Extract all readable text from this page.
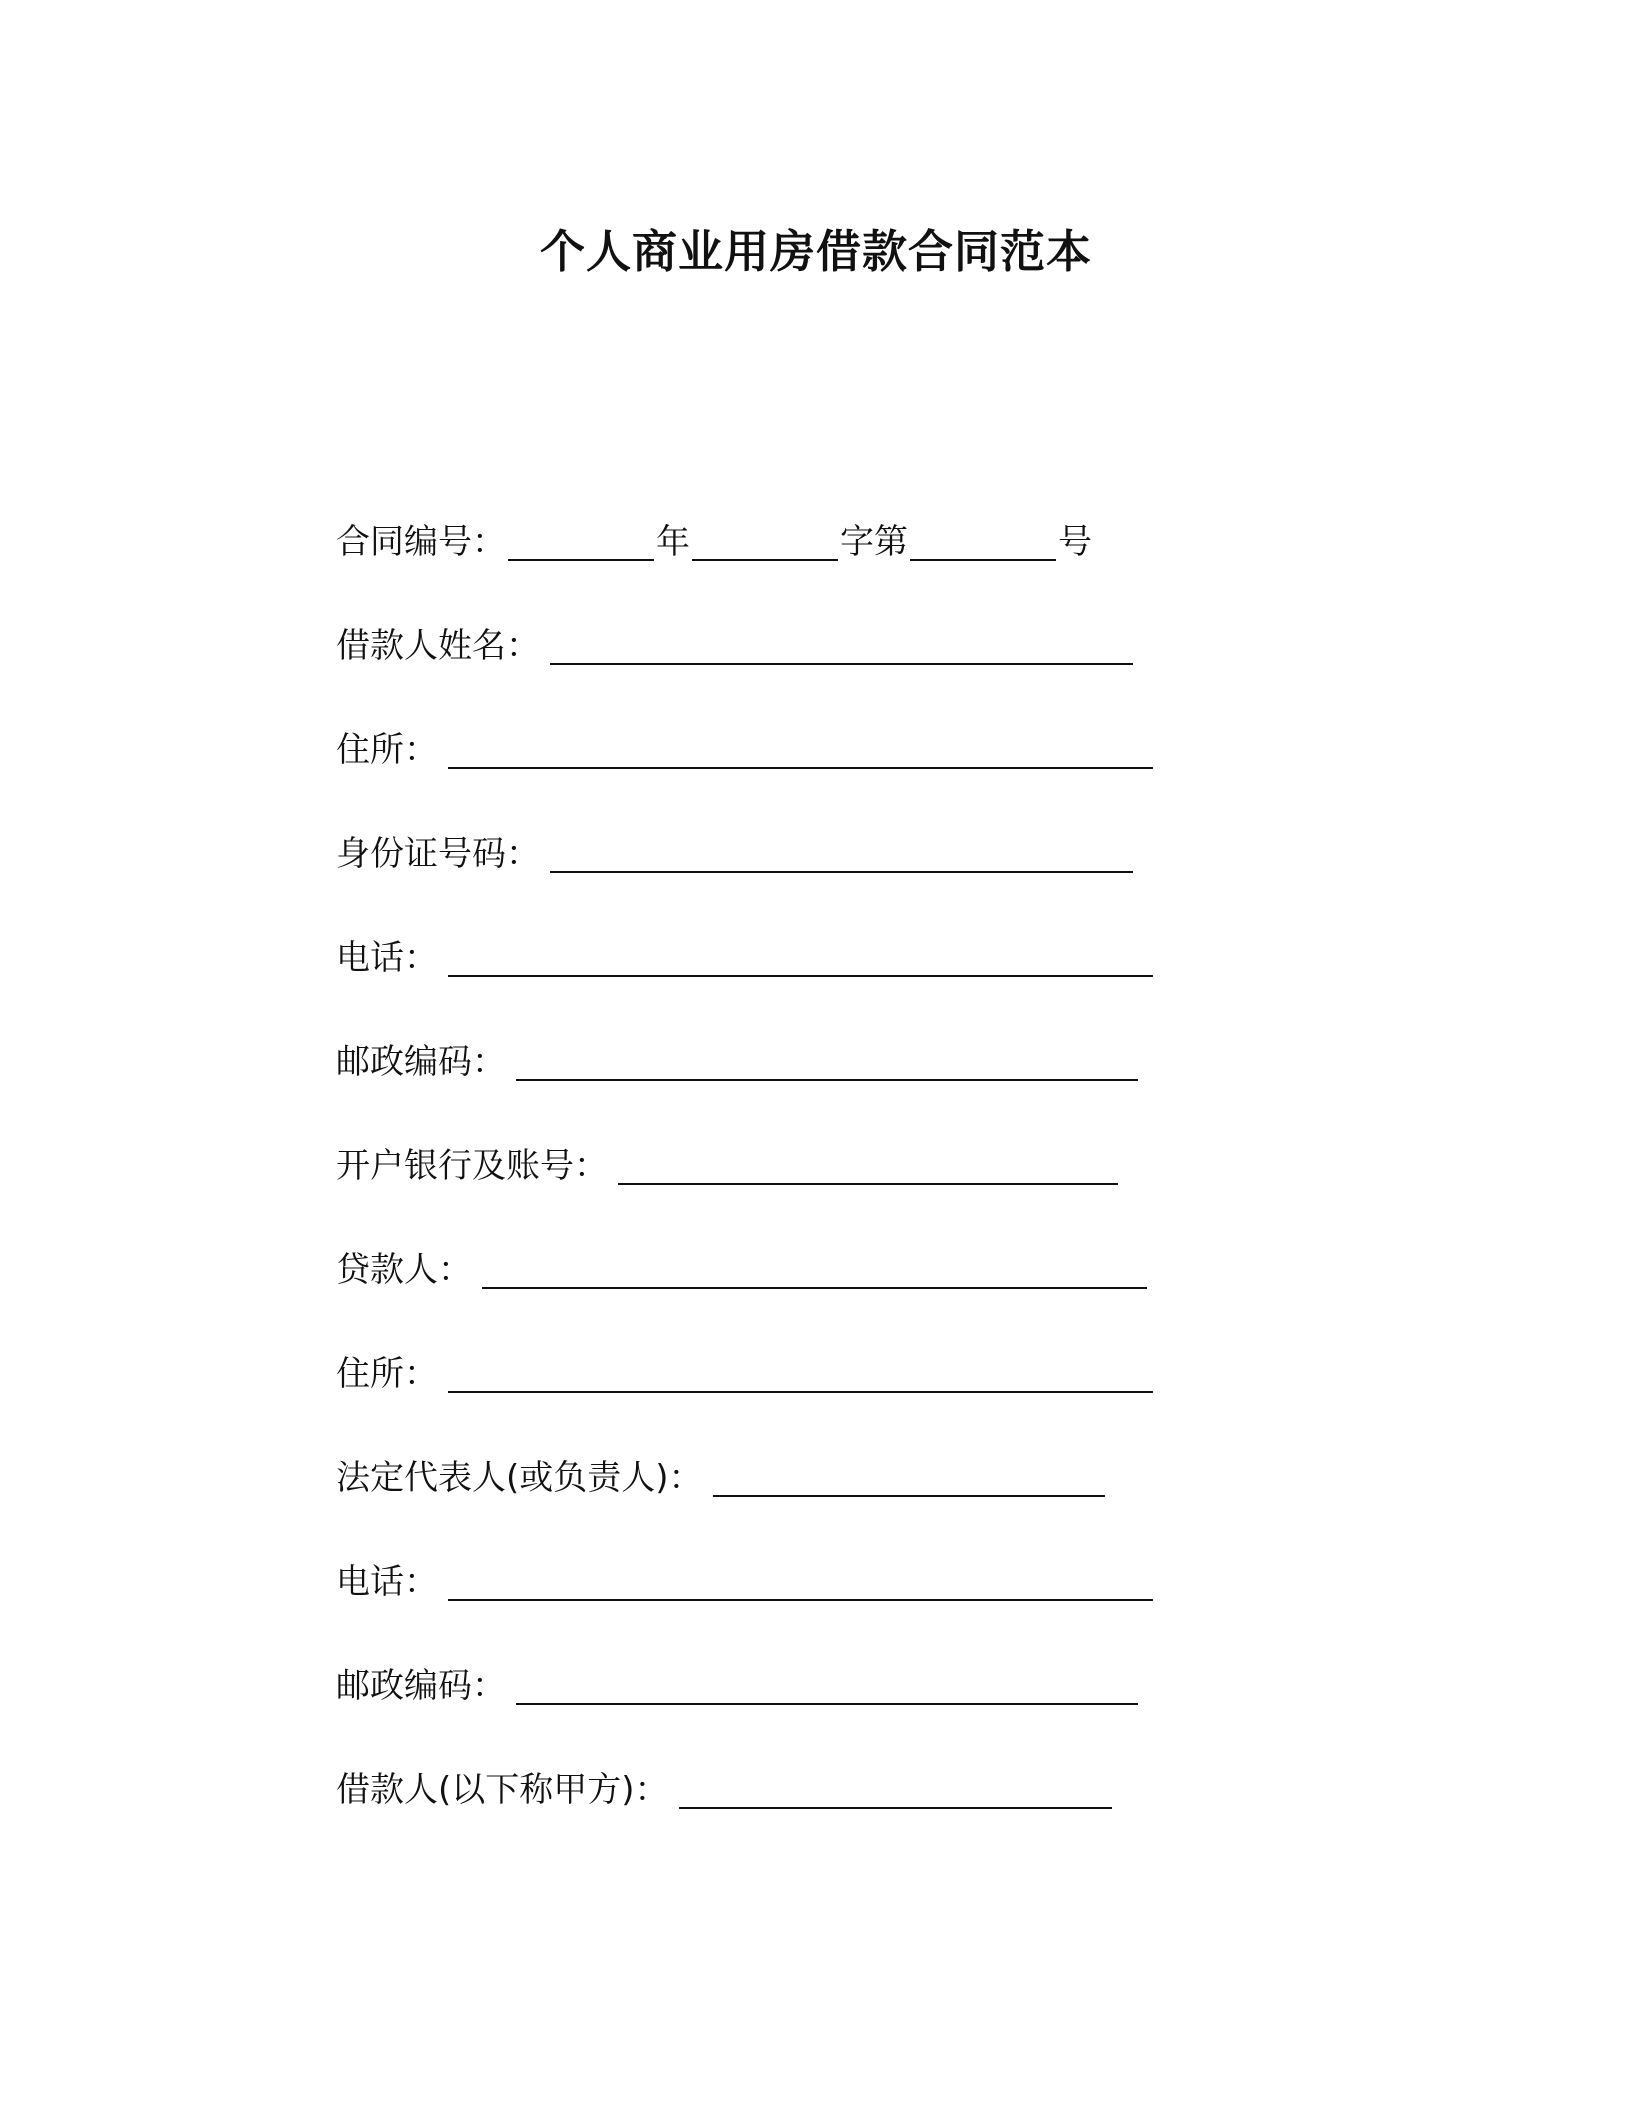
个人商业用房借款合同范本
合同编号：	年	字第	号
借款人姓名：
住所：
身份证号码：
电话：
邮政编码：
开户银行及账号：
贷款人：
住所：
法定代表人(或负责人)：
电话：
邮政编码：
借款人(以下称甲方)：
